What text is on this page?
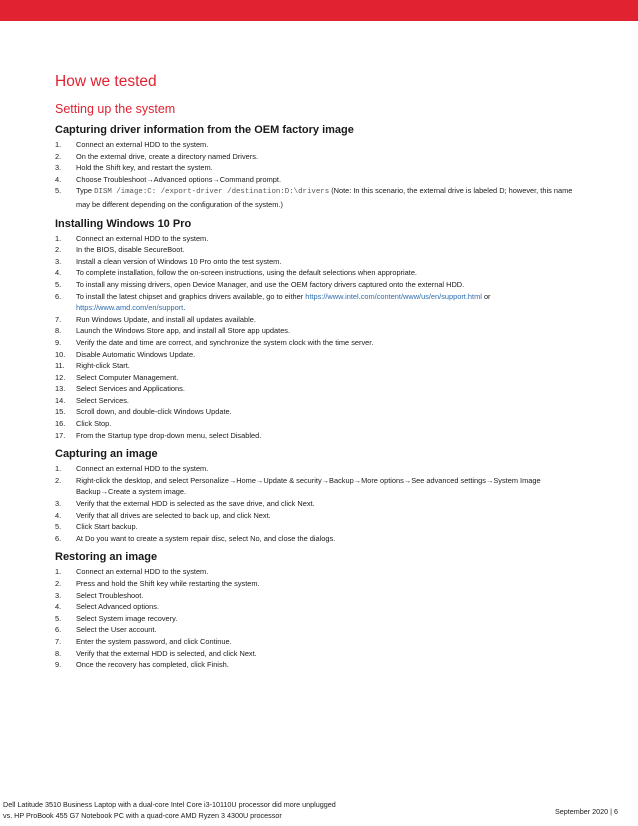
How we tested
Setting up the system
Capturing driver information from the OEM factory image
1. Connect an external HDD to the system.
2. On the external drive, create a directory named Drivers.
3. Hold the Shift key, and restart the system.
4. Choose Troubleshoot→Advanced options→Command prompt.
5. Type DISM /image:C: /export-driver /destination:D:\drivers (Note: In this scenario, the external drive is labeled D; however, this name may be different depending on the configuration of the system.)
Installing Windows 10 Pro
1. Connect an external HDD to the system.
2. In the BIOS, disable SecureBoot.
3. Install a clean version of Windows 10 Pro onto the test system.
4. To complete installation, follow the on-screen instructions, using the default selections when appropriate.
5. To install any missing drivers, open Device Manager, and use the OEM factory drivers captured onto the external HDD.
6. To install the latest chipset and graphics drivers available, go to either https://www.intel.com/content/www/us/en/support.html or https://www.amd.com/en/support.
7. Run Windows Update, and install all updates available.
8. Launch the Windows Store app, and install all Store app updates.
9. Verify the date and time are correct, and synchronize the system clock with the time server.
10. Disable Automatic Windows Update.
11. Right-click Start.
12. Select Computer Management.
13. Select Services and Applications.
14. Select Services.
15. Scroll down, and double-click Windows Update.
16. Click Stop.
17. From the Startup type drop-down menu, select Disabled.
Capturing an image
1. Connect an external HDD to the system.
2. Right-click the desktop, and select Personalize→Home→Update & security→Backup→More options→See advanced settings→System Image Backup→Create a system image.
3. Verify that the external HDD is selected as the save drive, and click Next.
4. Verify that all drives are selected to back up, and click Next.
5. Click Start backup.
6. At Do you want to create a system repair disc, select No, and close the dialogs.
Restoring an image
1. Connect an external HDD to the system.
2. Press and hold the Shift key while restarting the system.
3. Select Troubleshoot.
4. Select Advanced options.
5. Select System image recovery.
6. Select the User account.
7. Enter the system password, and click Continue.
8. Verify that the external HDD is selected, and click Next.
9. Once the recovery has completed, click Finish.
Dell Latitude 3510 Business Laptop with a dual-core Intel Core i3-10110U processor did more unplugged
vs. HP ProBook 455 G7 Notebook PC with a quad-core AMD Ryzen 3 4300U processor	September 2020 | 6
